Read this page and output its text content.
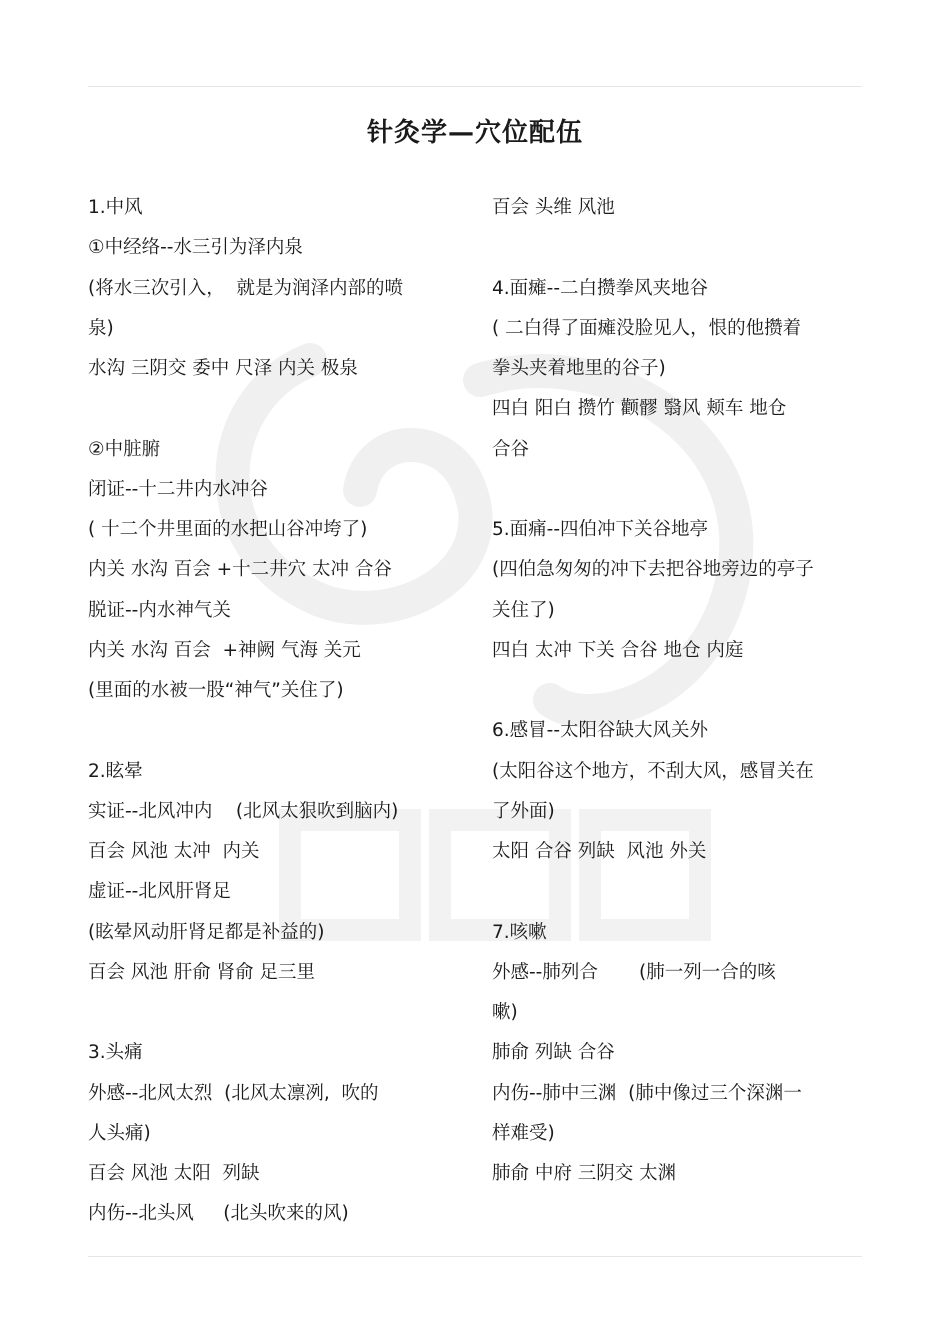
针灸学—穴位配伍
1.中风
①中经络--水三引为泽内泉
(将水三次引入，  就是为润泽内部的喷
泉)
水沟 三阴交 委中 尺泽 内关 极泉
②中脏腑
闭证--十二井内水冲谷
( 十二个井里面的水把山谷冲垮了)
内关 水沟 百会 +十二井穴 太冲 合谷
脱证--内水神气关
内关 水沟 百会  +神阙 气海 关元
(里面的水被一股“神气”关住了)
2.眩晕
实证--北风冲内    (北风太狠吹到脑内)
百会 风池 太冲  内关
虚证--北风肝肾足
(眩晕风动肝肾足都是补益的)
百会 风池 肝俞 肾俞 足三里
3.头痛
外感--北风太烈  (北风太凛冽,  吹的
人头痛)
百会 风池 太阳  列缺
内伤--北头风     (北头吹来的风)
百会 头维 风池
4.面瘫--二白攒拳风夹地谷
( 二白得了面瘫没脸见人，恨的他攒着
拳头夹着地里的谷子)
四白 阳白 攒竹 颧髎 翳风 颊车 地仓
合谷
5.面痛--四伯冲下关谷地亭
(四伯急匆匆的冲下去把谷地旁边的亭子
关住了)
四白 太冲 下关 合谷 地仓 内庭
6.感冒--太阳谷缺大风关外
(太阳谷这个地方，不刮大风，感冒关在
了外面)
太阳 合谷 列缺  风池 外关
7.咳嗽
外感--肺列合       (肺一列一合的咳
嗽)
肺俞 列缺 合谷
内伤--肺中三渊  (肺中像过三个深渊一
样难受)
肺俞 中府 三阴交 太渊
